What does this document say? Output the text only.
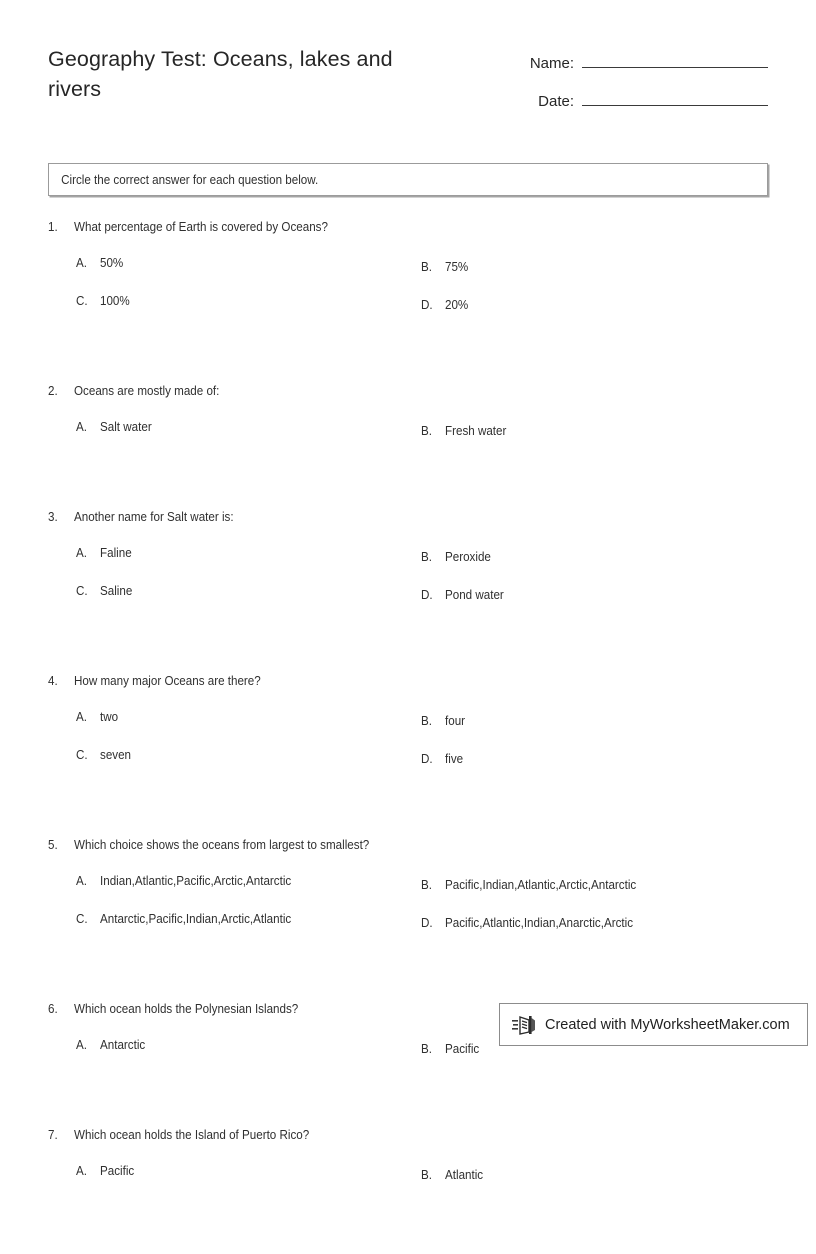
Geography Test: Oceans, lakes and rivers
Name:
Date:
Circle the correct answer for each question below.
1. What percentage of Earth is covered by Oceans?
A.	50%	B.	75%
C. 100%	D. 20%
2. Oceans are mostly made of:
A.	Salt water	B.	Fresh water
3. Another name for Salt water is:
A.	Faline	B.	Peroxide
C. Saline	D. Pond water
4. How many major Oceans are there?
A.	two	B.	four
C. seven	D. five
5. Which choice shows the oceans from largest to smallest?
A.	Indian,Atlantic,Pacific,Arctic,Antarctic	B.	Pacific,Indian,Atlantic,Arctic,Antarctic
C. Antarctic,Pacific,Indian,Arctic,Atlantic	D. Pacific,Atlantic,Indian,Anarctic,Arctic
6. Which ocean holds the Polynesian Islands?
A.	Antarctic	B.	Pacific
7. Which ocean holds the Island of Puerto Rico?
A.	Pacific	B.	Atlantic
Created with MyWorksheetMaker.com
